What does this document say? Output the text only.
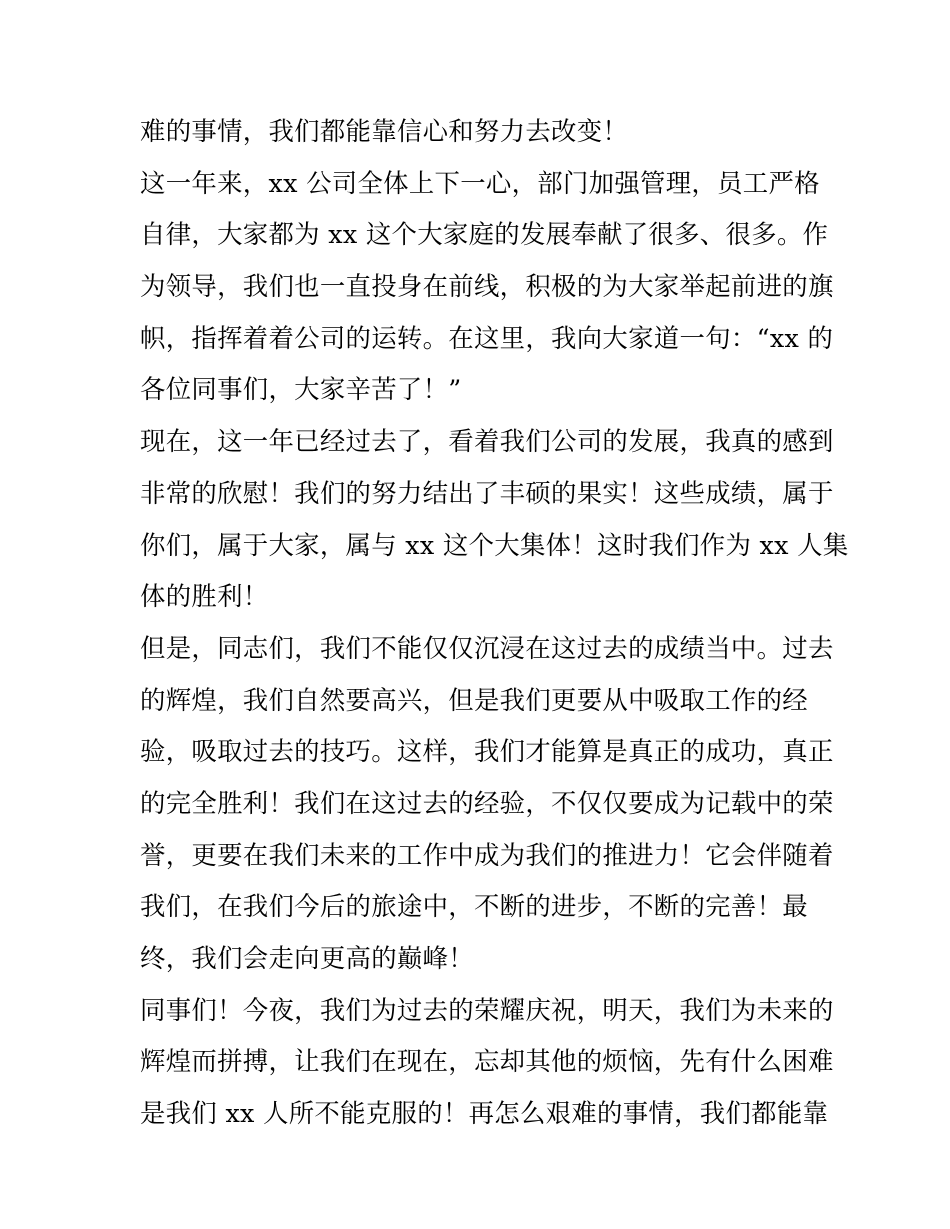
难的事情，我们都能靠信心和努力去改变！
这一年来，xx 公司全体上下一心，部门加强管理，员工严格
自律，大家都为 xx 这个大家庭的发展奉献了很多、很多。作
为领导，我们也一直投身在前线，积极的为大家举起前进的旗
帜，指挥着着公司的运转。在这里，我向大家道一句：“xx 的
各位同事们，大家辛苦了！”
现在，这一年已经过去了，看着我们公司的发展，我真的感到
非常的欣慰！我们的努力结出了丰硕的果实！这些成绩，属于
你们，属于大家，属与 xx 这个大集体！这时我们作为 xx 人集
体的胜利！
但是，同志们，我们不能仅仅沉浸在这过去的成绩当中。过去
的辉煌，我们自然要高兴，但是我们更要从中吸取工作的经
验，吸取过去的技巧。这样，我们才能算是真正的成功，真正
的完全胜利！我们在这过去的经验，不仅仅要成为记载中的荣
誉，更要在我们未来的工作中成为我们的推进力！它会伴随着
我们，在我们今后的旅途中，不断的进步，不断的完善！最
终，我们会走向更高的巅峰！
同事们！今夜，我们为过去的荣耀庆祝，明天，我们为未来的
辉煌而拼搏，让我们在现在，忘却其他的烦恼，先有什么困难
是我们 xx 人所不能克服的！再怎么艰难的事情，我们都能靠
